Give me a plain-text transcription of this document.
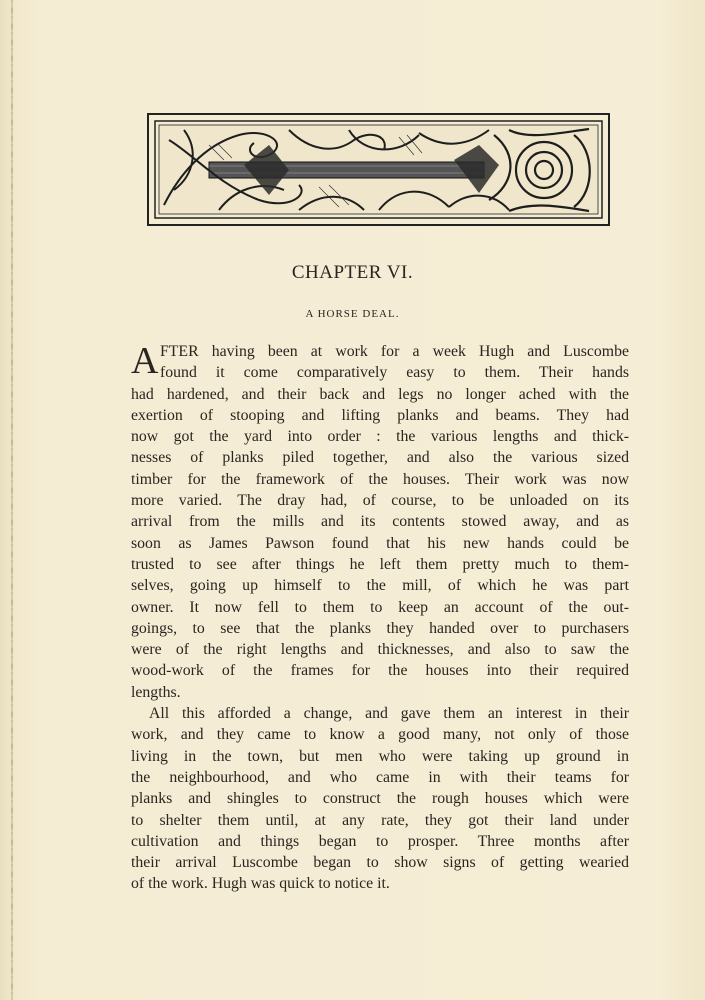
CHAPTER VI.
A HORSE DEAL.
A FTER having been at work for a week Hugh and Luscombe
found it come comparatively easy to them. Their hands
had hardened, and their back and legs no longer ached with the
exertion of stooping and lifting planks and beams. They had
now got the yard into order : the various lengths and thick-
nesses of planks piled together, and also the various sized
timber for the framework of the houses. Their work was now
more varied. The dray had, of course, to be unloaded on its
arrival from the mills and its contents stowed away, and as
soon as James Pawson found that his new hands could be
trusted to see after things he left them pretty much to them-
selves, going up himself to the mill, of which he was part
owner. It now fell to them to keep an account of the out-
goings, to see that the planks they handed over to purchasers
were of the right lengths and thicknesses, and also to saw the
wood-work of the frames for the houses into their required
lengths.
All this afforded a change, and gave them an interest in their
work, and they came to know a good many, not only of those
living in the town, but men who were taking up ground in
the neighbourhood, and who came in with their teams for
planks and shingles to construct the rough houses which were
to shelter them until, at any rate, they got their land under
cultivation and things began to prosper. Three months after
their arrival Luscombe began to show signs of getting wearied
of the work. Hugh was quick to notice it.
